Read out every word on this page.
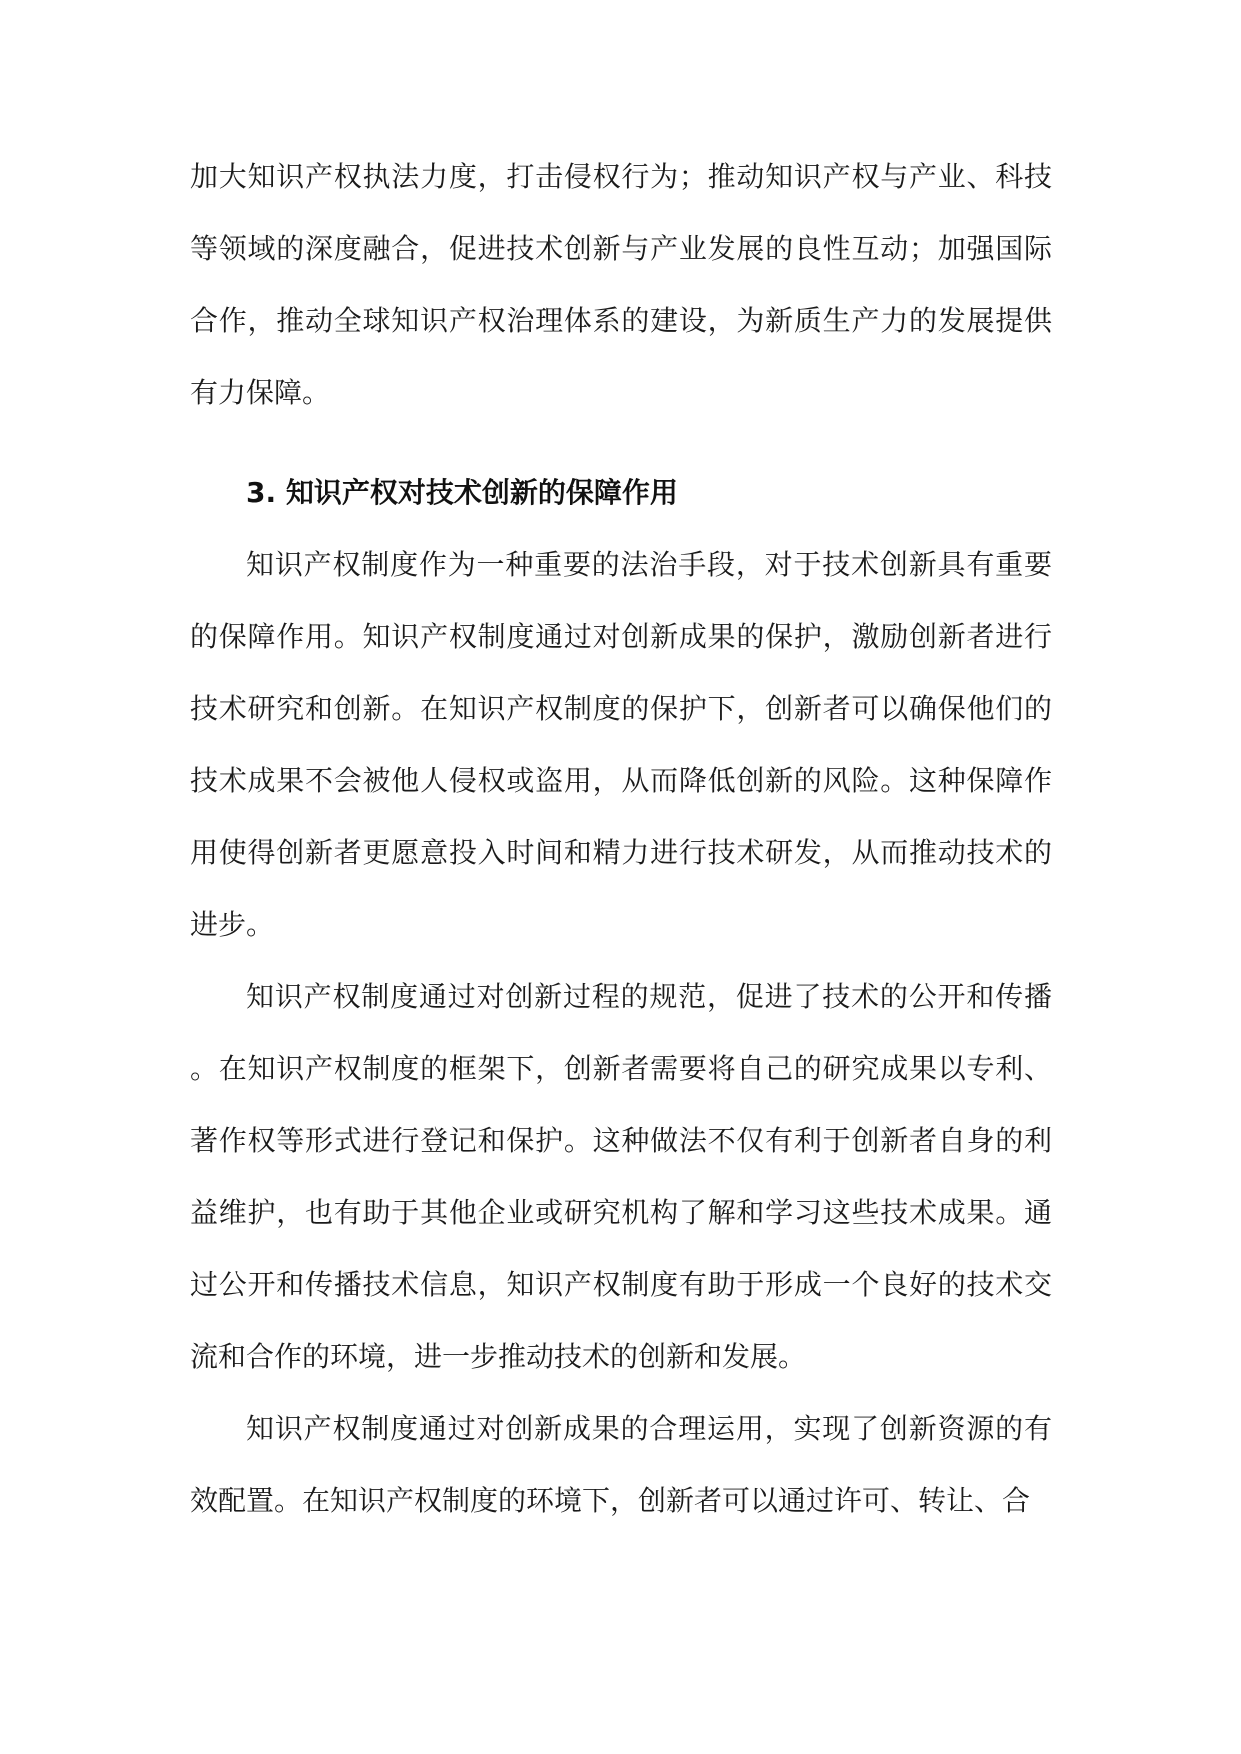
加大知识产权执法力度，打击侵权行为；推动知识产权与产业、科技等领域的深度融合，促进技术创新与产业发展的良性互动；加强国际合作，推动全球知识产权治理体系的建设，为新质生产力的发展提供有力保障。

3. 知识产权对技术创新的保障作用

知识产权制度作为一种重要的法治手段，对于技术创新具有重要的保障作用。知识产权制度通过对创新成果的保护，激励创新者进行技术研究和创新。在知识产权制度的保护下，创新者可以确保他们的技术成果不会被他人侵权或盗用，从而降低创新的风险。这种保障作用使得创新者更愿意投入时间和精力进行技术研发，从而推动技术的进步。

知识产权制度通过对创新过程的规范，促进了技术的公开和传播。在知识产权制度的框架下，创新者需要将自己的研究成果以专利、著作权等形式进行登记和保护。这种做法不仅有利于创新者自身的利益维护，也有助于其他企业或研究机构了解和学习这些技术成果。通过公开和传播技术信息，知识产权制度有助于形成一个良好的技术交流和合作的环境，进一步推动技术的创新和发展。

知识产权制度通过对创新成果的合理运用，实现了创新资源的有效配置。在知识产权制度的环境下，创新者可以通过许可、转让、合
